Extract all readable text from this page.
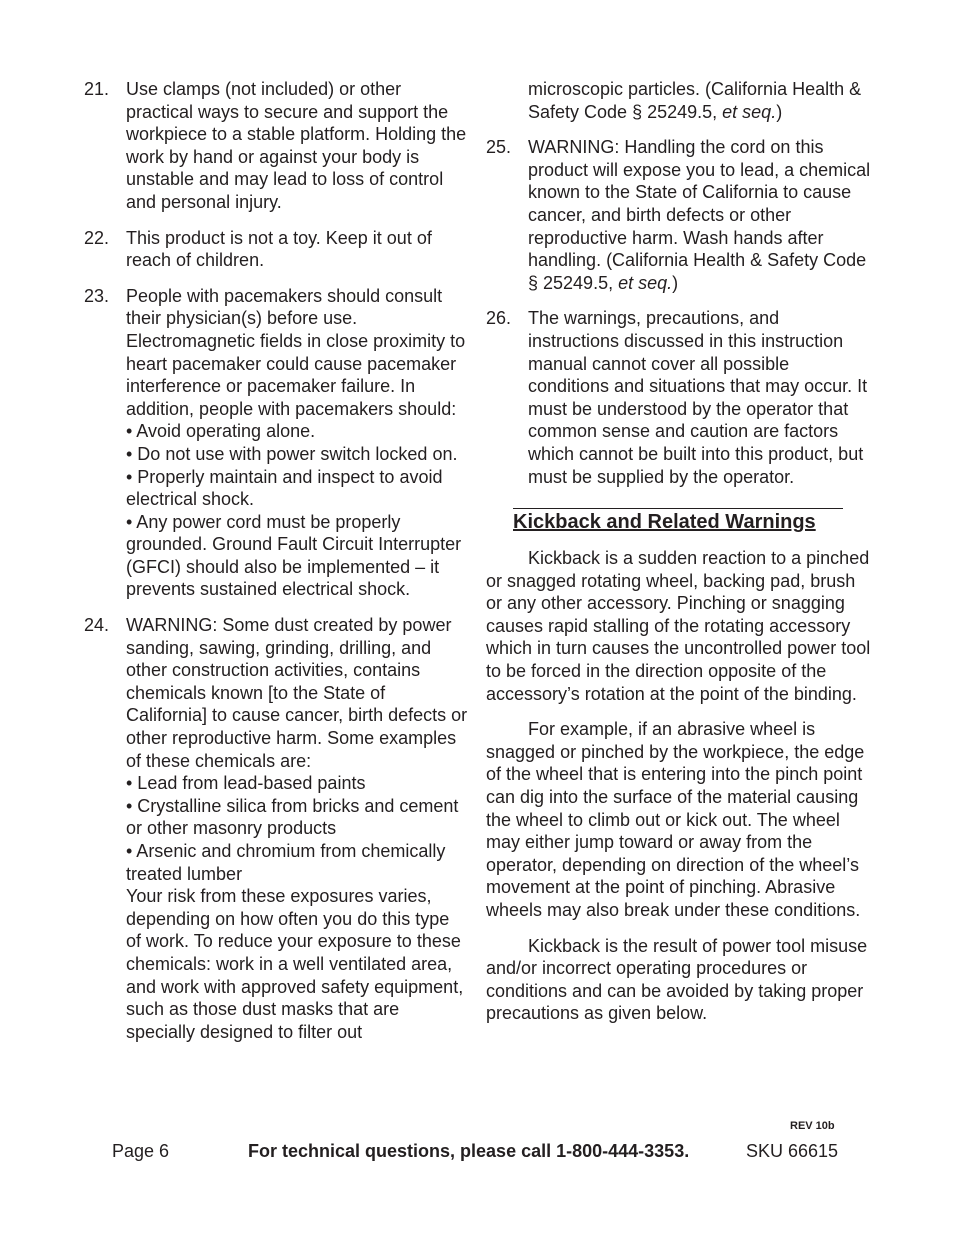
21. Use clamps (not included) or other practical ways to secure and support the workpiece to a stable platform. Holding the work by hand or against your body is unstable and may lead to loss of control and personal injury.

22. This product is not a toy. Keep it out of reach of children.

23. People with pacemakers should consult their physician(s) before use. Electromagnetic fields in close proximity to heart pacemaker could cause pacemaker interference or pacemaker failure. In addition, people with pacemakers should:

• Avoid operating alone.

• Do not use with power switch locked on.

• Properly maintain and inspect to avoid electrical shock.

• Any power cord must be properly grounded. Ground Fault Circuit Interrupter (GFCI) should also be implemented – it prevents sustained electrical shock.

24. WARNING: Some dust created by power sanding, sawing, grinding, drilling, and other construction activities, contains chemicals known [to the State of California] to cause cancer, birth defects or other reproductive harm. Some examples of these chemicals are:

• Lead from lead-based paints

• Crystalline silica from bricks and cement or other masonry products

• Arsenic and chromium from chemically treated lumber

Your risk from these exposures varies, depending on how often you do this type of work. To reduce your exposure to these chemicals: work in a well ventilated area, and work with approved safety equipment, such as those dust masks that are specially designed to filter out

microscopic particles. (California Health & Safety Code § 25249.5, et seq.)
25. WARNING: Handling the cord on this product will expose you to lead, a chemical known to the State of California to cause cancer, and birth defects or other reproductive harm. Wash hands after handling. (California Health & Safety Code § 25249.5, et seq.)
26. The warnings, precautions, and instructions discussed in this instruction manual cannot cover all possible conditions and situations that may occur. It must be understood by the operator that common sense and caution are factors which cannot be built into this product, but must be supplied by the operator.
Kickback and Related Warnings

Kickback is a sudden reaction to a pinched or snagged rotating wheel, backing pad, brush or any other accessory. Pinching or snagging causes rapid stalling of the rotating accessory which in turn causes the uncontrolled power tool to be forced in the direction opposite of the accessory’s rotation at the point of the binding.

For example, if an abrasive wheel is snagged or pinched by the workpiece, the edge of the wheel that is entering into the pinch point can dig into the surface of the material causing the wheel to climb out or kick out. The wheel may either jump toward or away from the operator, depending on direction of the wheel’s movement at the point of pinching. Abrasive wheels may also break under these conditions.

Kickback is the result of power tool misuse and/or incorrect operating procedures or conditions and can be avoided by taking proper precautions as given below.

REV 10b
Page 6	For technical questions, please call 1-800-444-3353.	SKU 66615
